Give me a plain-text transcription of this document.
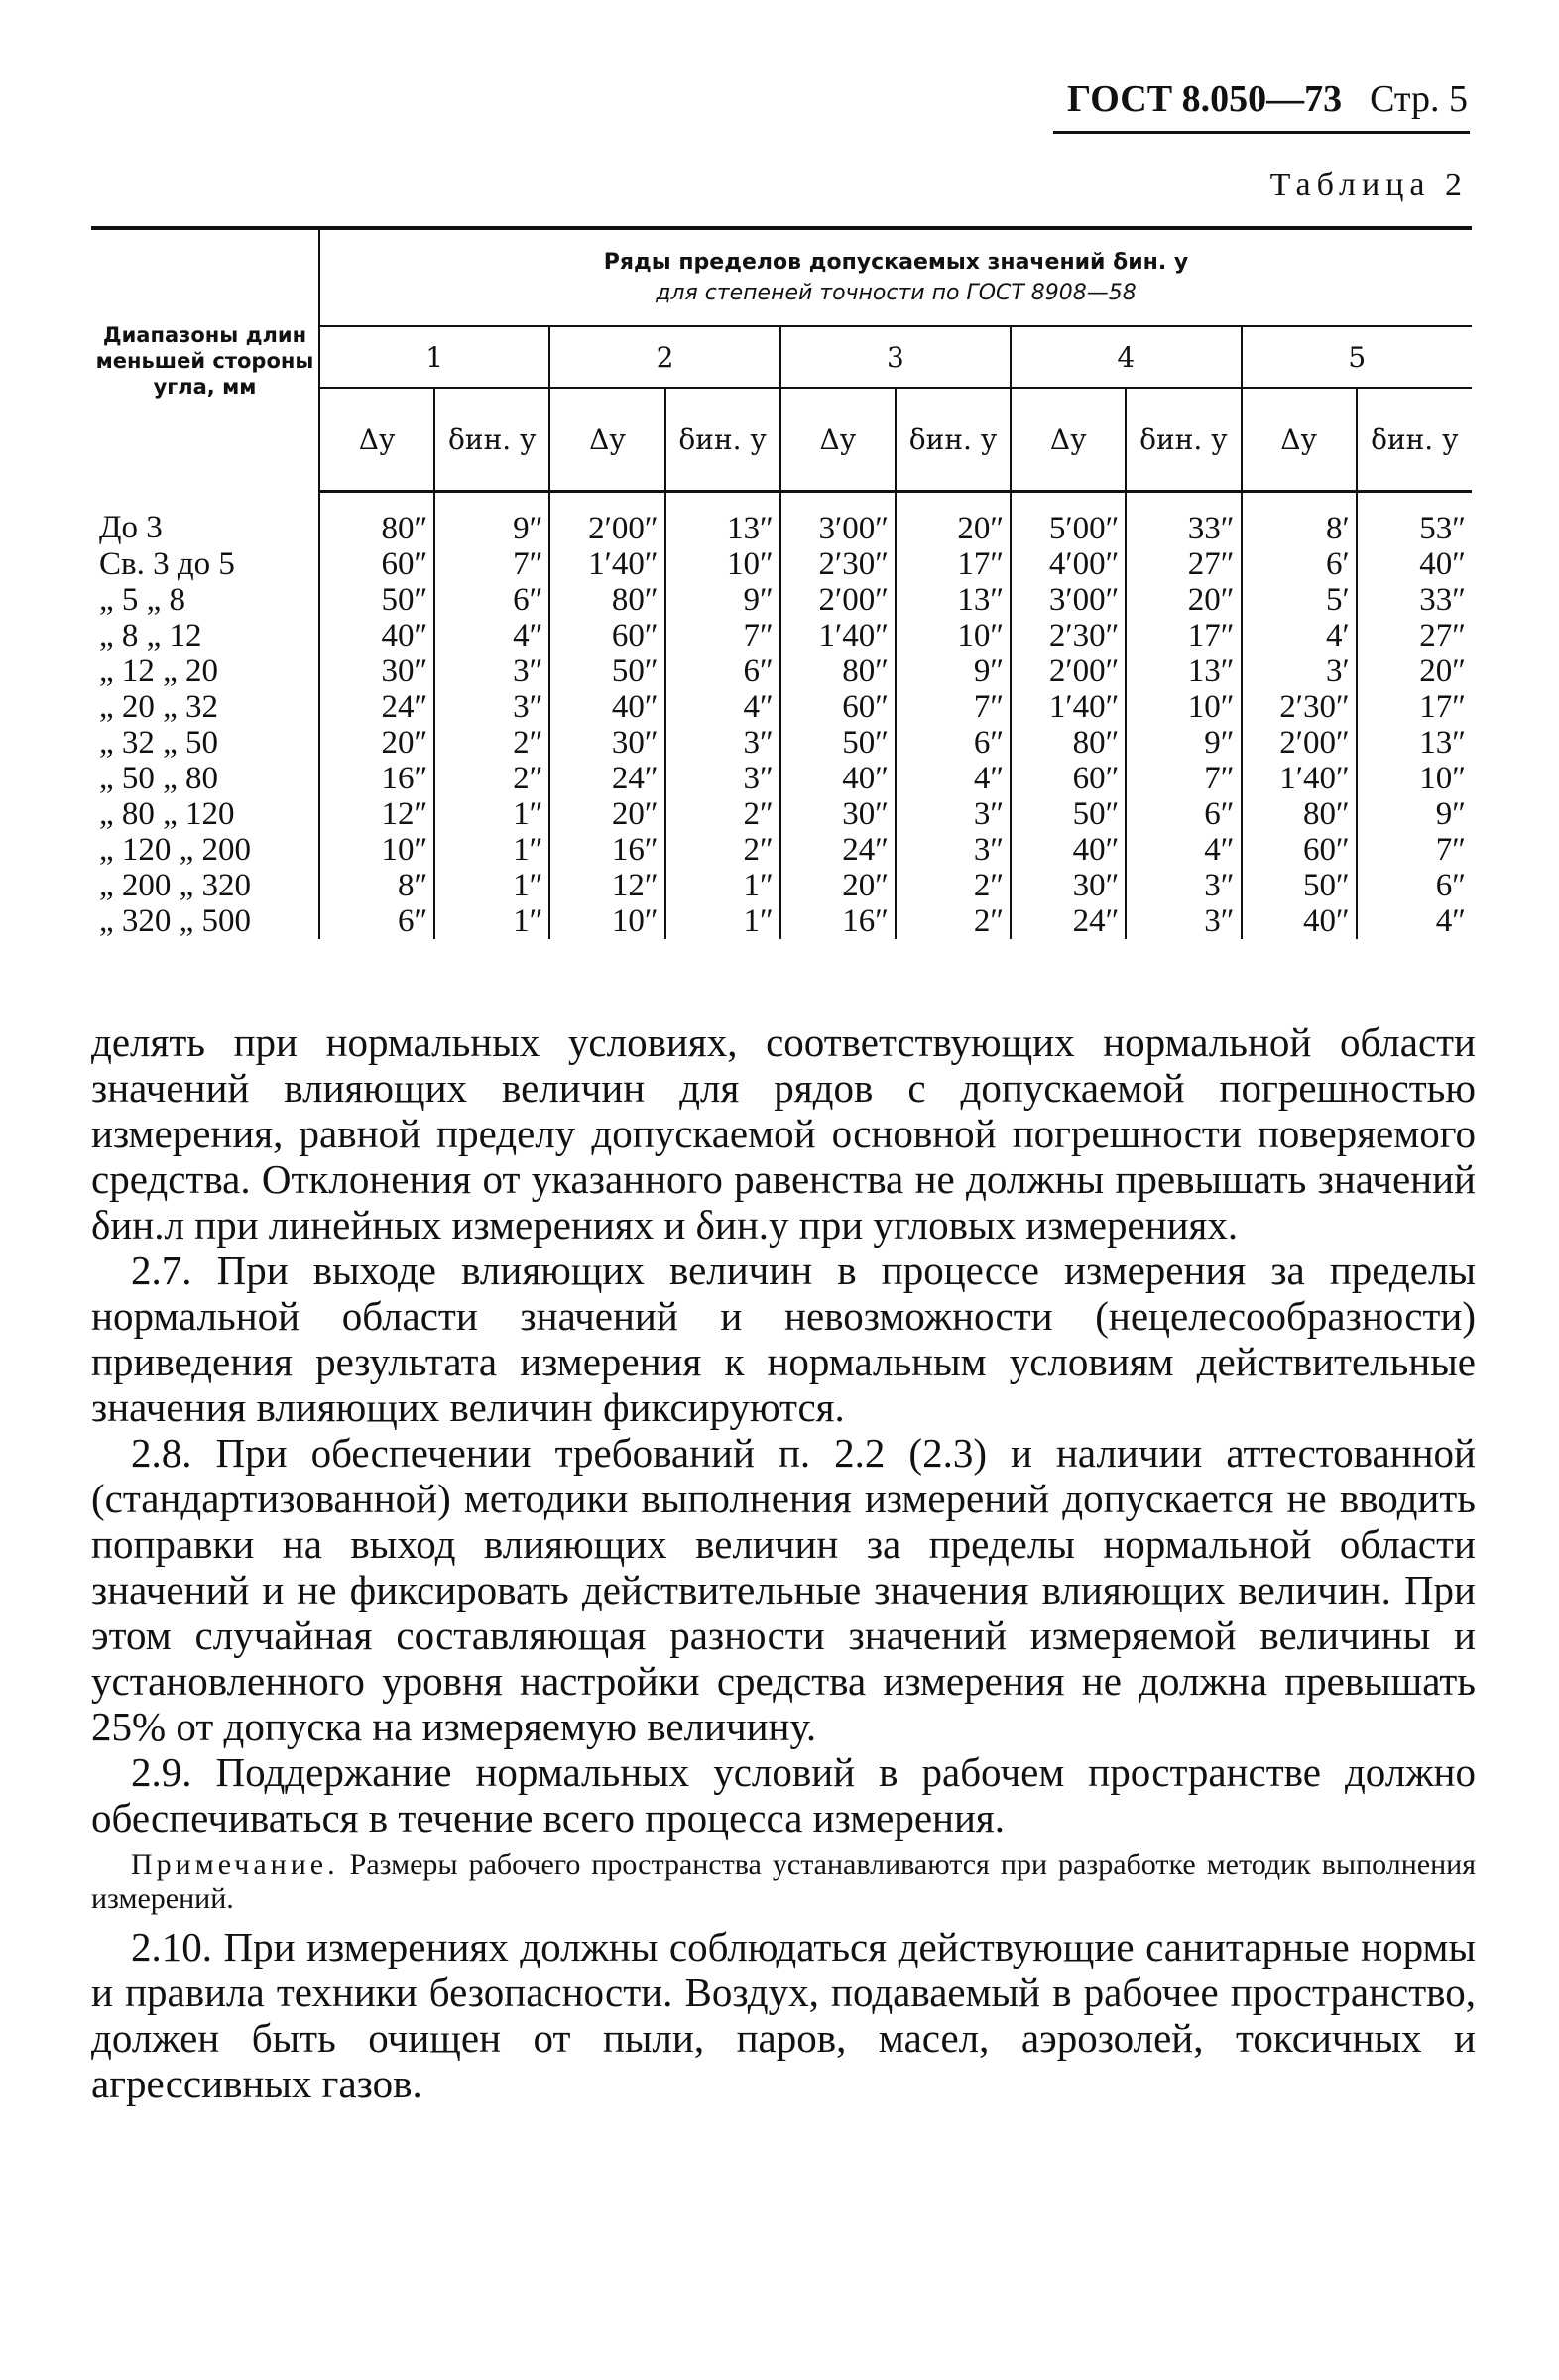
ГОСТ 8.050—73 Стр. 5
Таблица 2
Диапазоны длин меньшей стороны угла, мм	Ряды пределов допускаемых значений δин. у
для степеней точности по ГОСТ 8908—58									

	1		2		3		4		5	
	Δу	δин. у	Δу	δин. у	Δу	δин. у	Δу	δин. у	Δу	δин. у
До 3	80″	9″	2′00″	13″	3′00″	20″	5′00″	33″	8′	53″
Св. 3 до 5	60″	7″	1′40″	10″	2′30″	17″	4′00″	27″	6′	40″
„ 5 „ 8	50″	6″	80″	9″	2′00″	13″	3′00″	20″	5′	33″
„ 8 „ 12	40″	4″	60″	7″	1′40″	10″	2′30″	17″	4′	27″
„ 12 „ 20	30″	3″	50″	6″	80″	9″	2′00″	13″	3′	20″
„ 20 „ 32	24″	3″	40″	4″	60″	7″	1′40″	10″	2′30″	17″
„ 32 „ 50	20″	2″	30″	3″	50″	6″	80″	9″	2′00″	13″
„ 50 „ 80	16″	2″	24″	3″	40″	4″	60″	7″	1′40″	10″
„ 80 „ 120	12″	1″	20″	2″	30″	3″	50″	6″	80″	9″
„ 120 „ 200	10″	1″	16″	2″	24″	3″	40″	4″	60″	7″
„ 200 „ 320	8″	1″	12″	1″	20″	2″	30″	3″	50″	6″
„ 320 „ 500	6″	1″	10″	1″	16″	2″	24″	3″	40″	4″

делять при нормальных условиях, соответствующих нормальной области значений влияющих величин для рядов с допускаемой погрешностью измерения, равной пределу допускаемой основной погрешности поверяемого средства. Отклонения от указанного равенства не должны превышать значений δин.л при линейных измерениях и δин.у при угловых измерениях.

2.7. При выходе влияющих величин в процессе измерения за пределы нормальной области значений и невозможности (нецелесообразности) приведения результата измерения к нормальным условиям действительные значения влияющих величин фиксируются.

2.8. При обеспечении требований п. 2.2 (2.3) и наличии аттестованной (стандартизованной) методики выполнения измерений допускается не вводить поправки на выход влияющих величин за пределы нормальной области значений и не фиксировать действительные значения влияющих величин. При этом случайная составляющая разности значений измеряемой величины и установленного уровня настройки средства измерения не должна превышать 25% от допуска на измеряемую величину.

2.9. Поддержание нормальных условий в рабочем пространстве должно обеспечиваться в течение всего процесса измерения.

Примечание. Размеры рабочего пространства устанавливаются при разработке методик выполнения измерений.

2.10. При измерениях должны соблюдаться действующие санитарные нормы и правила техники безопасности. Воздух, подаваемый в рабочее пространство, должен быть очищен от пыли, паров, масел, аэрозолей, токсичных и агрессивных газов.
